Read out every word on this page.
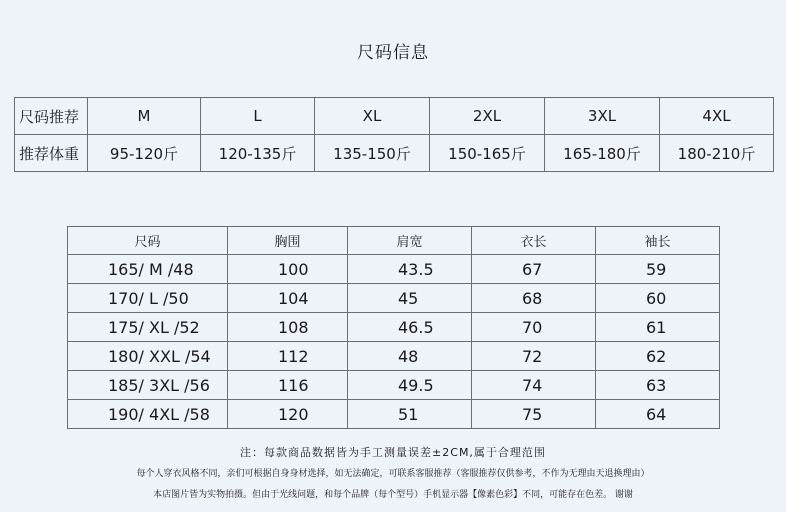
尺码信息
尺码推荐	M	L	XL	2XL	3XL	4XL
推荐体重	95-120斤	120-135斤	135-150斤	150-165斤	165-180斤	180-210斤
尺码	胸围	肩宽	衣长	袖长
165/ M /48	100	43.5	67	59
170/ L /50	104	45	68	60
175/ XL /52	108	46.5	70	61
180/ XXL /54	112	48	72	62
185/ 3XL /56	116	49.5	74	63
190/ 4XL /58	120	51	75	64
注：每款商品数据皆为手工测量误差±2CM,属于合理范围
每个人穿衣风格不同，亲们可根据自身身材选择，如无法确定，可联系客服推荐（客服推荐仅供参考，不作为无理由天退换理由）
本店图片皆为实物拍摄。但由于光线问题，和每个品牌（每个型号）手机显示器【像素色彩】不同，可能存在色差。 谢谢
